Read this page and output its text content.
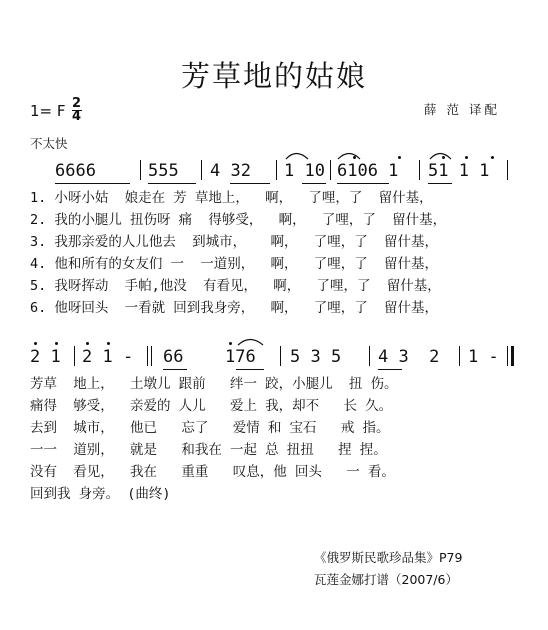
芳草地的姑娘
1= F $\frac{2}{4}$	薛 范 译配
不太快
6666	555 4 32 1 10 6106 1 51 1 1
1. 小呀小姑  娘走在 芳 草地上，  啊，  了哩，了  留什基，
2. 我的小腿儿 扭伤呀 痛  得够受，  啊，  了哩，了  留什基，
3. 我那亲爱的人儿他去  到城市，   啊，  了哩，了  留什基，
4. 他和所有的女友们 一  一道别，  啊，  了哩，了  留什基，
5. 我呀挥动  手帕,他没  有看见，  啊，  了哩，了  留什基，
6. 他呀回头  一看就 回到我身旁，  啊，  了哩，了  留什基，
2 1 2 1 - 66 176 5 3 5 4 3  2 1 -
芳草  地上，  土墩儿 跟前   绊一 跤，小腿儿  扭 伤。
痛得  够受，  亲爱的 人儿   爱上 我，却不   长 久。
去到  城市，  他已   忘了   爱情 和 宝石   戒 指。
一一  道别，  就是   和我在 一起 总 扭扭   捏 捏。
没有  看见，  我在   重重   叹息，他 回头   一 看。
回到我 身旁。 (曲终)
《俄罗斯民歌珍品集》P79
瓦莲金娜打谱（2007/6）
